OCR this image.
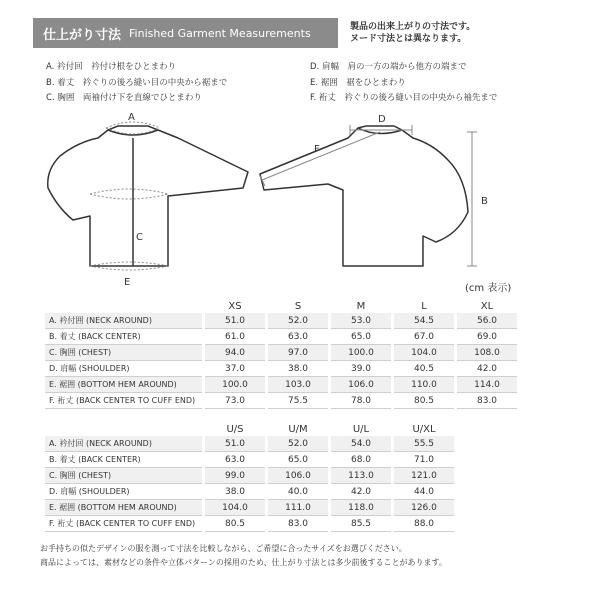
仕上がり寸法 Finished Garment Measurements	製品の出来上がりの寸法です。
ヌード寸法とは異なります。
A. 衿付回　衿付け根をひとまわり
B. 着丈　衿ぐりの後ろ縫い目の中央から裾まで
C. 胸囲　両袖付け下を直線でひとまわり
D. 肩幅　肩の一方の端から他方の端まで
E. 裾囲　裾をひとまわり
F. 裄丈　衿ぐりの後ろ縫い目の中央から袖先まで
A
C
E
D
F
B
(cm 表示)
	XS	S	M	L	XL
A. 衿付囲 (NECK AROUND)	51.0	52.0	53.0	54.5	56.0
B. 着丈 (BACK CENTER)	61.0	63.0	65.0	67.0	69.0
C. 胸囲 (CHEST)	94.0	97.0	100.0	104.0	108.0
D. 肩幅 (SHOULDER)	37.0	38.0	39.0	40.5	42.0
E. 裾囲 (BOTTOM HEM AROUND)	100.0	103.0	106.0	110.0	114.0
F. 裄丈 (BACK CENTER TO CUFF END)	73.0	75.5	78.0	80.5	83.0
	U/S	U/M	U/L	U/XL	
A. 衿付回 (NECK AROUND)	51.0	52.0	54.0	55.5	
B. 着丈 (BACK CENTER)	63.0	65.0	68.0	71.0	
C. 胸囲 (CHEST)	99.0	106.0	113.0	121.0	
D. 肩幅 (SHOULDER)	38.0	40.0	42.0	44.0	
E. 裾囲 (BOTTOM HEM AROUND)	104.0	111.0	118.0	126.0	
F. 裄丈 (BACK CENTER TO CUFF END)	80.5	83.0	85.5	88.0	
お手持ちの似たデザインの服を測って寸法を比較しながら、ご希望に合ったサイズをお選びください。
商品によっては、素材などの条件や立体パターンの採用のため、仕上がり寸法とは多少前後することがあります。
